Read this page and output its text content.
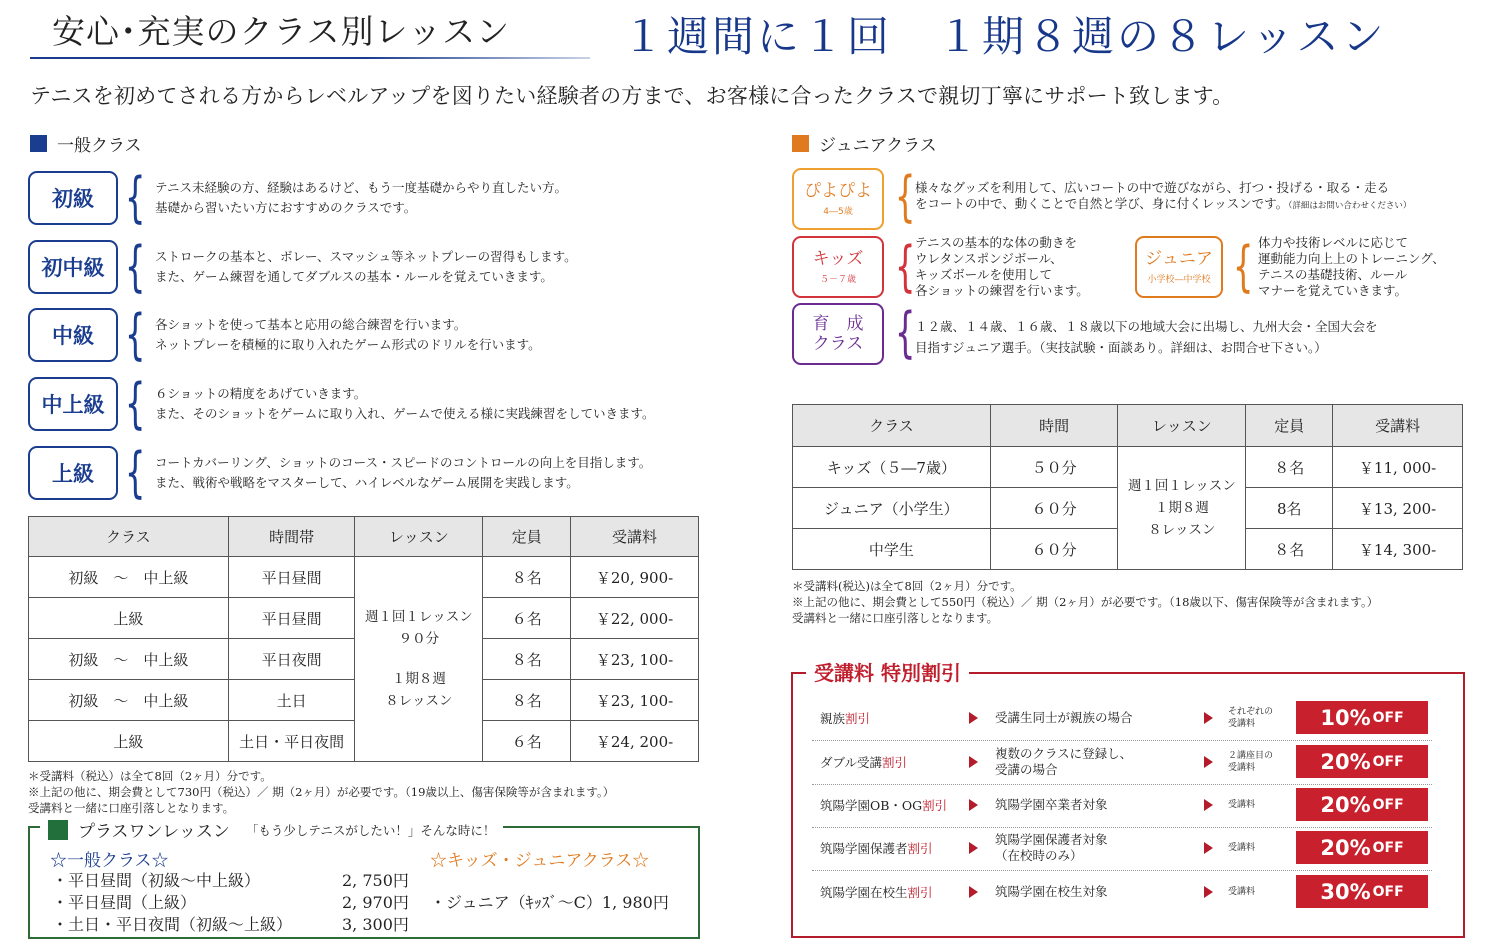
安心･充実のクラス別レッスン	１週間に１回　１期８週の８レッスン
テニスを初めてされる方からレベルアップを図りたい経験者の方まで、お客様に合ったクラスで親切丁寧にサポート致します。
一般クラス
初級 { テニス未経験の方、経験はあるけど、もう一度基礎からやり直したい方。
基礎から習いたい方におすすめのクラスです。
初中級 { ストロークの基本と、ボレー、スマッシュ等ネットプレーの習得もします。
また、ゲーム練習を通してダブルスの基本・ルールを覚えていきます。
中級 { 各ショットを使って基本と応用の総合練習を行います。
ネットプレーを積極的に取り入れたゲーム形式のドリルを行います。
中上級 { ６ショットの精度をあげていきます。
また、そのショットをゲームに取り入れ、ゲームで使える様に実践練習をしていきます。
上級 { コートカバーリング、ショットのコース・スピードのコントロールの向上を目指します。
また、戦術や戦略をマスターして、ハイレベルなゲーム展開を実践します。
クラス	時間帯	レッスン	定員	受講料
初級　～　中上級	平日昼間	週１回１レッスン
９０分
１期８週
８レッスン	８名	￥20, 900-
上級	平日昼間		６名	￥22, 000-
初級　～　中上級	平日夜間		８名	￥23, 100-
初級　～　中上級	土日		８名	￥23, 100-
上級	土日・平日夜間		６名	￥24, 200-
＊受講料（税込）は全て8回（2ヶ月）分です。
※上記の他に、期会費として730円（税込）／ 期（2ヶ月）が必要です。（19歳以上、傷害保険等が含まれます。）
受講料と一緒に口座引落しとなります。
プラスワンレッスン 「もう少しテニスがしたい！」そんな時に！
☆一般クラス☆
・平日昼間（初級～中上級）	2, 750円
・平日昼間（上級）	2, 970円
・土日・平日夜間（初級～上級）	3, 300円
☆キッズ・ジュニアクラス☆
・ジュニア（ｷｯｽﾞ～C）1, 980円
ジュニアクラス
ぴよぴよ
4―5歳 { 様々なグッズを利用して、広いコートの中で遊びながら、打つ・投げる・取る・走る
をコートの中で、動くことで自然と学び、身に付くレッスンです。（詳細はお問い合わせください）
キッズ
５－７歳 { テニスの基本的な体の動きを
ウレタンスポンジボール、
キッズボールを使用して
各ショットの練習を行います。
ジュニア
小学校―中学校 { 体力や技術レベルに応じて
運動能力向上上のトレーニング、
テニスの基礎技術、ルール
マナーを覚えていきます。
育　成
クラス { １２歳、１４歳、１６歳、１８歳以下の地域大会に出場し、九州大会・全国大会を
目指すジュニア選手。（実技試験・面談あり。詳細は、お問合せ下さい。）
クラス	時間	レッスン	定員	受講料
キッズ（５―7歳）	５０分	週１回１レッスン
１期８週
８レッスン	８名	￥11, 000-
ジュニア（小学生）	６０分		8名	￥13, 200-
中学生	６０分		８名	￥14, 300-
＊受講料(税込)は全て8回（2ヶ月）分です。
※上記の他に、期会費として550円（税込）／ 期（2ヶ月）が必要です。（18歳以下、傷害保険等が含まれます。）
受講料と一緒に口座引落しとなります。
受講料 特別割引
親族 割引	受講生同士が親族の場合	それぞれの
受講料	10% OFF
ダブル受講 割引
複数のクラスに登録し、
受講の場合
２講座目の
受講料	20% OFF
筑陽学園OB・OG 割引	筑陽学園卒業者対象	受講料	20% OFF
筑陽学園保護者 割引
筑陽学園保護者対象
（在校時のみ）	受講料	20% OFF
筑陽学園在校生 割引	筑陽学園在校生対象	受講料	30% OFF
